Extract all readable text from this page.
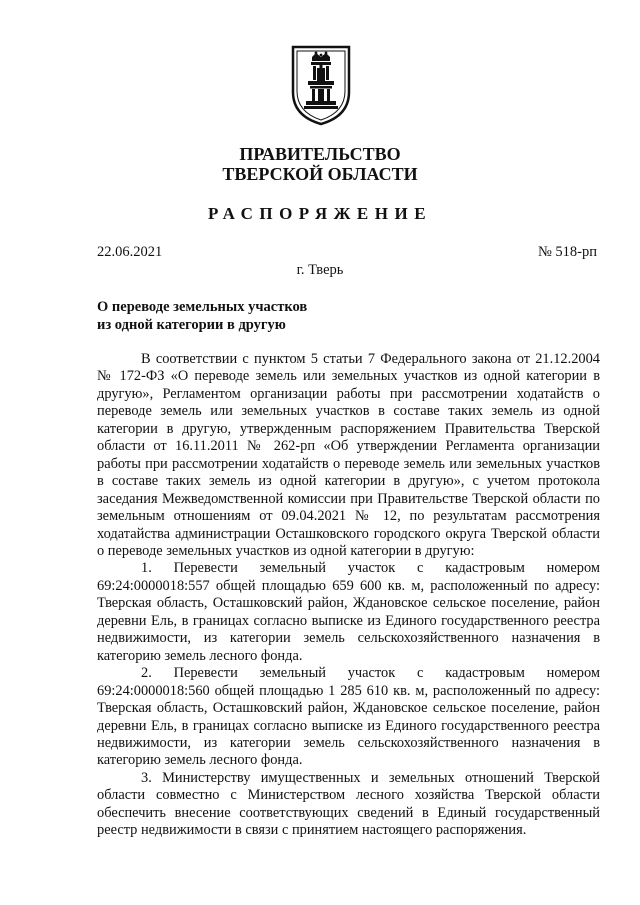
ПРАВИТЕЛЬСТВО
ТВЕРСКОЙ ОБЛАСТИ
РАСПОРЯЖЕНИЕ
22.06.2021	№ 518-рп
г. Тверь
О переводе земельных участков
из одной категории в другую

В соответствии с пунктом 5 статьи 7 Федерального закона от 21.12.2004 № 172-ФЗ «О переводе земель или земельных участков из одной категории в другую», Регламентом организации работы при рассмотрении ходатайств о переводе земель или земельных участков в составе таких земель из одной категории в другую, утвержденным распоряжением Правительства Тверской области от 16.11.2011 № 262-рп «Об утверждении Регламента организации работы при рассмотрении ходатайств о переводе земель или земельных участков в составе таких земель из одной категории в другую», с учетом протокола заседания Межведомственной комиссии при Правительстве Тверской области по земельным отношениям от 09.04.2021 № 12, по результатам рассмотрения ходатайства администрации Осташковского городского округа Тверской области о переводе земельных участков из одной категории в другую:

1. Перевести земельный участок с кадастровым номером 69:24:0000018:557 общей площадью 659 600 кв. м, расположенный по адресу: Тверская область, Осташковский район, Ждановское сельское поселение, район деревни Ель, в границах согласно выписке из Единого государственного реестра недвижимости, из категории земель сельскохозяйственного назначения в категорию земель лесного фонда.

2. Перевести земельный участок с кадастровым номером 69:24:0000018:560 общей площадью 1 285 610 кв. м, расположенный по адресу: Тверская область, Осташковский район, Ждановское сельское поселение, район деревни Ель, в границах согласно выписке из Единого государственного реестра недвижимости, из категории земель сельскохозяйственного назначения в категорию земель лесного фонда.

3. Министерству имущественных и земельных отношений Тверской области совместно с Министерством лесного хозяйства Тверской области обеспечить внесение соответствующих сведений в Единый государственный реестр недвижимости в связи с принятием настоящего распоряжения.
